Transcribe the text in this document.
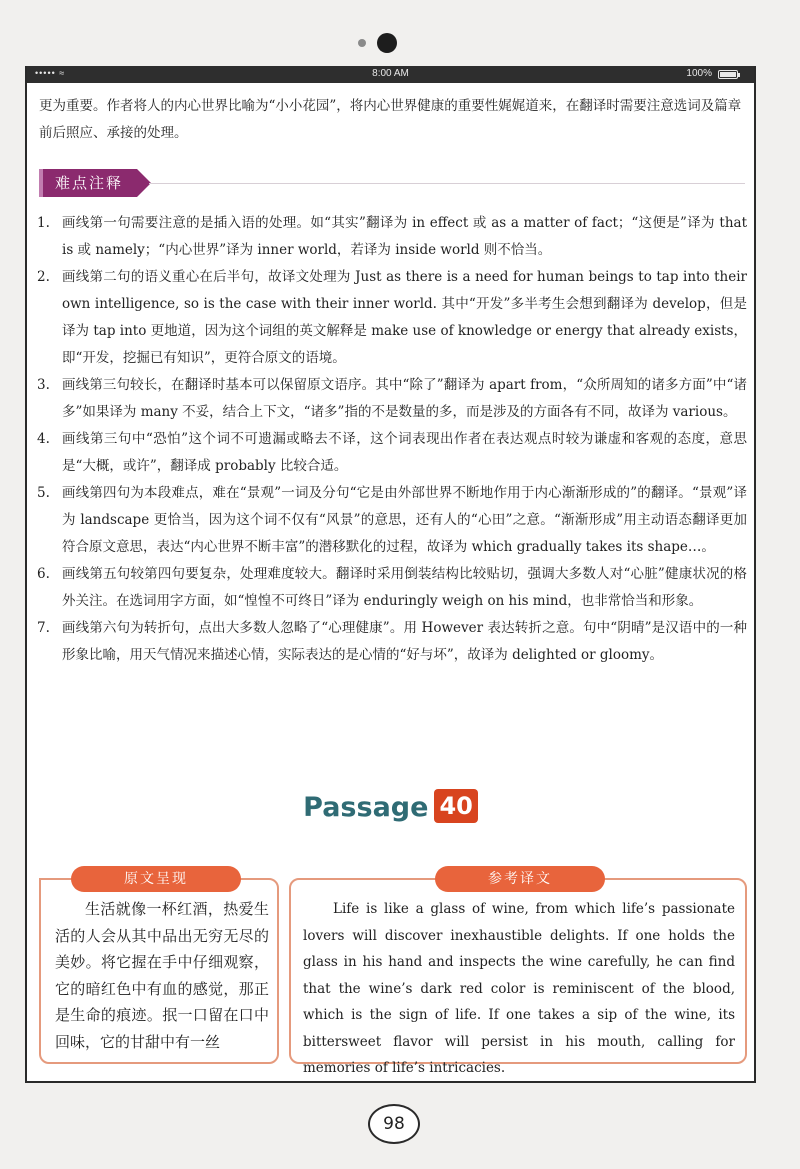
••••• ≈	8:00 AM	100%

更为重要。作者将人的内心世界比喻为“小小花园”，将内心世界健康的重要性娓娓道来，在翻译时需要注意选词及篇章前后照应、承接的处理。

难点注释
1. 画线第一句需要注意的是插入语的处理。如“其实”翻译为 in effect 或 as a matter of fact；“这便是”译为 that is 或 namely；“内心世界”译为 inner world，若译为 inside world 则不恰当。
2. 画线第二句的语义重心在后半句，故译文处理为 Just as there is a need for human beings to tap into their own intelligence, so is the case with their inner world. 其中“开发”多半考生会想到翻译为 develop，但是译为 tap into 更地道，因为这个词组的英文解释是 make use of knowledge or energy that already exists，即“开发，挖掘已有知识”，更符合原文的语境。
3. 画线第三句较长，在翻译时基本可以保留原文语序。其中“除了”翻译为 apart from，“众所周知的诸多方面”中“诸多”如果译为 many 不妥，结合上下文，“诸多”指的不是数量的多，而是涉及的方面各有不同，故译为 various。
4. 画线第三句中“恐怕”这个词不可遗漏或略去不译，这个词表现出作者在表达观点时较为谦虚和客观的态度，意思是“大概，或许”，翻译成 probably 比较合适。
5. 画线第四句为本段难点，难在“景观”一词及分句“它是由外部世界不断地作用于内心渐渐形成的”的翻译。“景观”译为 landscape 更恰当，因为这个词不仅有“风景”的意思，还有人的“心田”之意。“渐渐形成”用主动语态翻译更加符合原文意思，表达“内心世界不断丰富”的潜移默化的过程，故译为 which gradually takes its shape…。
6. 画线第五句较第四句要复杂，处理难度较大。翻译时采用倒装结构比较贴切，强调大多数人对“心脏”健康状况的格外关注。在选词用字方面，如“惶惶不可终日”译为 enduringly weigh on his mind，也非常恰当和形象。
7. 画线第六句为转折句，点出大多数人忽略了“心理健康”。用 However 表达转折之意。句中“阴晴”是汉语中的一种形象比喻，用天气情况来描述心情，实际表达的是心情的“好与坏”，故译为 delighted or gloomy。
Passage 40
原文呈现

生活就像一杯红酒，热爱生活的人会从其中品出无穷无尽的美妙。将它握在手中仔细观察，它的暗红色中有血的感觉，那正是生命的痕迹。抿一口留在口中回味，它的甘甜中有一丝

参考译文

Life is like a glass of wine, from which life’s passionate lovers will discover inexhaustible delights. If one holds the glass in his hand and inspects the wine carefully, he can find that the wine’s dark red color is reminiscent of the blood, which is the sign of life. If one takes a sip of the wine, its bittersweet flavor will persist in his mouth, calling for memories of life’s intricacies.

98
